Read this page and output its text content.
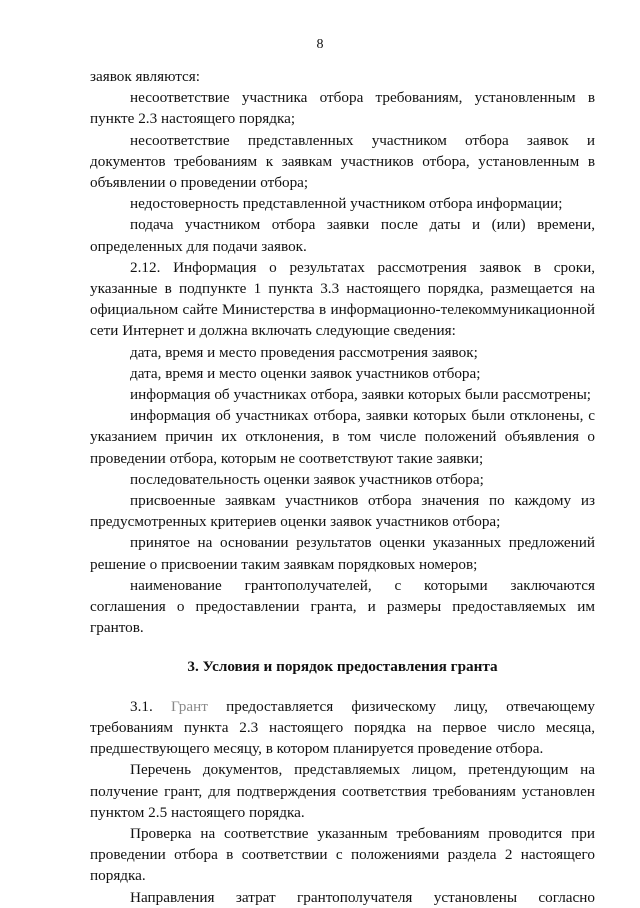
8

заявок являются:

несоответствие участника отбора требованиям, установленным в пункте 2.3 настоящего порядка;

несоответствие представленных участником отбора заявок и документов требованиям к заявкам участников отбора, установленным в объявлении о проведении отбора;

недостоверность представленной участником отбора информации;

подача участником отбора заявки после даты и (или) времени, определенных для подачи заявок.

2.12. Информация о результатах рассмотрения заявок в сроки, указанные в подпункте 1 пункта 3.3 настоящего порядка, размещается на официальном сайте Министерства в информационно-телекоммуникационной сети Интернет и должна включать следующие сведения:

дата, время и место проведения рассмотрения заявок;

дата, время и место оценки заявок участников отбора;

информация об участниках отбора, заявки которых были рассмотрены;

информация об участниках отбора, заявки которых были отклонены, с указанием причин их отклонения, в том числе положений объявления о проведении отбора, которым не соответствуют такие заявки;

последовательность оценки заявок участников отбора;

присвоенные заявкам участников отбора значения по каждому из предусмотренных критериев оценки заявок участников отбора;

принятое на основании результатов оценки указанных предложений решение о присвоении таким заявкам порядковых номеров;

наименование грантополучателей, с которыми заключаются соглашения о предоставлении гранта, и размеры предоставляемых им грантов.

3. Условия и порядок предоставления гранта

3.1. Грант предоставляется физическому лицу, отвечающему требованиям пункта 2.3 настоящего порядка на первое число месяца, предшествующего месяцу, в котором планируется проведение отбора.

Перечень документов, представляемых лицом, претендующим на получение грант, для подтверждения соответствия требованиям установлен пунктом 2.5 настоящего порядка.

Проверка на соответствие указанным требованиям проводится при проведении отбора в соответствии с положениями раздела 2 настоящего порядка.

Направления затрат грантополучателя установлены согласно
